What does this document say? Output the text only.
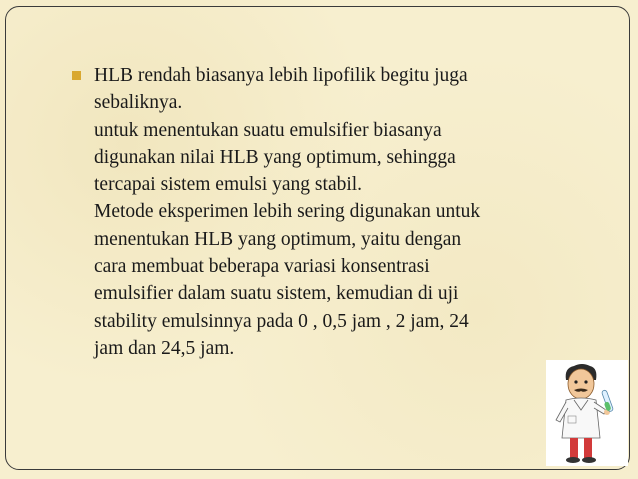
HLB rendah biasanya lebih lipofilik begitu juga
sebaliknya.
untuk menentukan suatu emulsifier biasanya
digunakan nilai HLB yang optimum, sehingga
tercapai sistem emulsi yang stabil.
Metode eksperimen lebih sering digunakan untuk
menentukan HLB yang optimum, yaitu dengan
cara membuat beberapa variasi konsentrasi
emulsifier dalam suatu sistem, kemudian di uji
stability emulsinnya pada 0 , 0,5 jam , 2 jam, 24
jam dan 24,5 jam.
